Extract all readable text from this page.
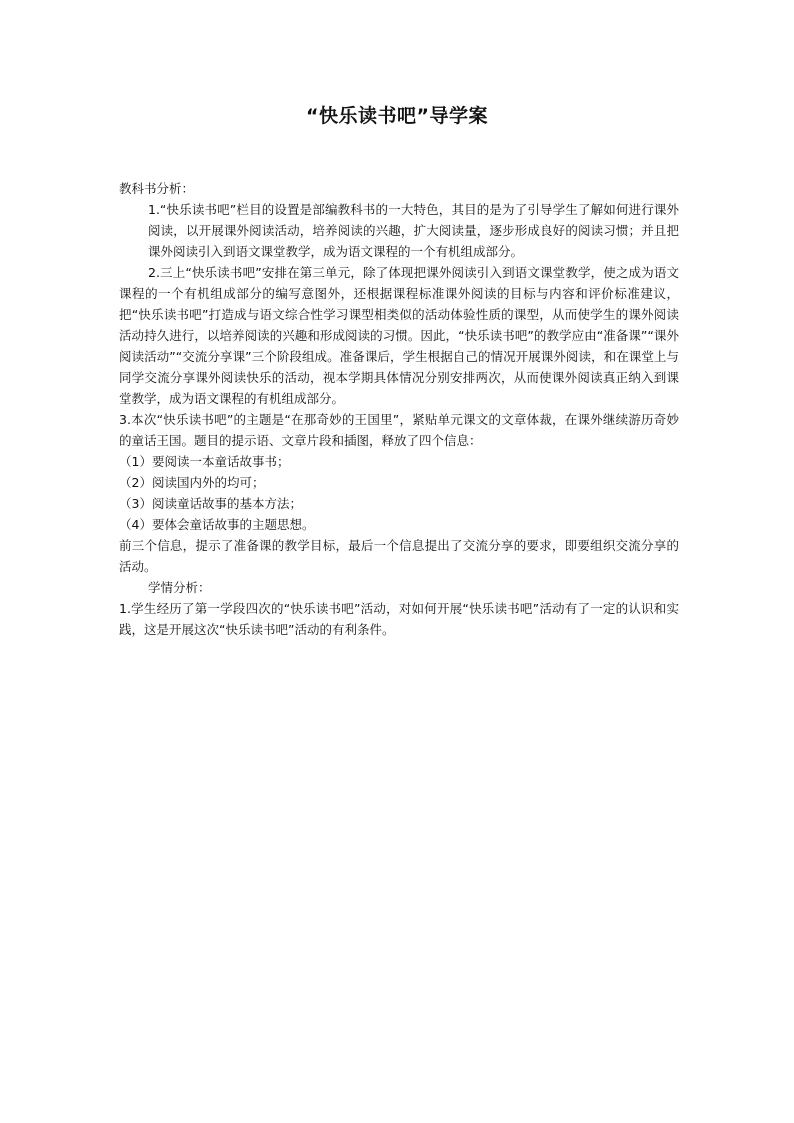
“快乐读书吧”导学案

教科书分析：

1.“快乐读书吧”栏目的设置是部编教科书的一大特色，其目的是为了引导学生了解如何进行课外阅读，以开展课外阅读活动，培养阅读的兴趣，扩大阅读量，逐步形成良好的阅读习惯；并且把课外阅读引入到语文课堂教学，成为语文课程的一个有机组成部分。

2.三上“快乐读书吧”安排在第三单元，除了体现把课外阅读引入到语文课堂教学，使之成为语文课程的一个有机组成部分的编写意图外，还根据课程标准课外阅读的目标与内容和评价标准建议，把“快乐读书吧”打造成与语文综合性学习课型相类似的活动体验性质的课型，从而使学生的课外阅读活动持久进行，以培养阅读的兴趣和形成阅读的习惯。因此，“快乐读书吧”的教学应由“准备课”“课外阅读活动”“交流分享课”三个阶段组成。准备课后，学生根据自己的情况开展课外阅读，和在课堂上与同学交流分享课外阅读快乐的活动，视本学期具体情况分别安排两次，从而使课外阅读真正纳入到课堂教学，成为语文课程的有机组成部分。

3.本次“快乐读书吧”的主题是“在那奇妙的王国里”，紧贴单元课文的文章体裁，在课外继续游历奇妙的童话王国。题目的提示语、文章片段和插图，释放了四个信息：

（1）要阅读一本童话故事书；

（2）阅读国内外的均可；

（3）阅读童话故事的基本方法；

（4）要体会童话故事的主题思想。

前三个信息，提示了准备课的教学目标，最后一个信息提出了交流分享的要求，即要组织交流分享的活动。

学情分析：

1.学生经历了第一学段四次的“快乐读书吧”活动，对如何开展“快乐读书吧”活动有了一定的认识和实践，这是开展这次“快乐读书吧”活动的有利条件。
